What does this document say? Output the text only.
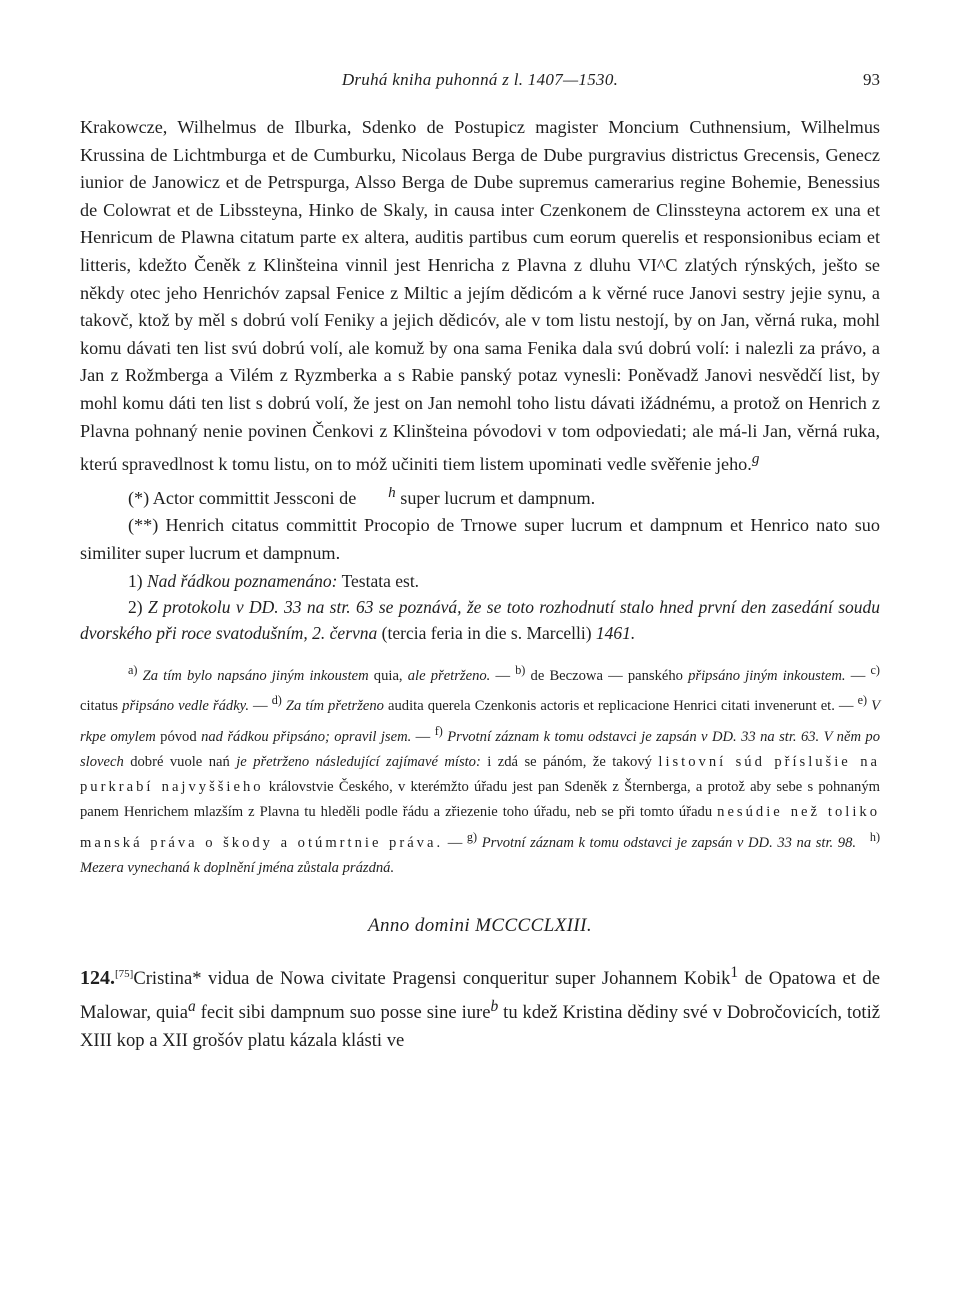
Druhá kniha puhonná z l. 1407—1530.	93

Krakowcze, Wilhelmus de Ilburka, Sdenko de Postupicz magister Moncium Cuthnensium, Wilhelmus Krussina de Lichtmburga et de Cumburku, Nicolaus Berga de Dube purgravius districtus Grecensis, Genecz iunior de Janowicz et de Petrspurga, Alsso Berga de Dube supremus camerarius regine Bohemie, Benessius de Colowrat et de Libssteyna, Hinko de Skaly, in causa inter Czenkonem de Clinssteyna actorem ex una et Henricum de Plawna citatum parte ex altera, auditis partibus cum eorum querelis et responsionibus eciam et litteris, kdežto Čeněk z Klinšteina vinnil jest Henricha z Plavna z dluhu VI^C zlatých rýnských, ješto se někdy otec jeho Henrichóv zapsal Fenice z Miltic a jejím dědicóm a k věrné ruce Janovi sestry jejie synu, a takovč, ktož by měl s dobrú volí Feniky a jejich dědicóv, ale v tom listu nestojí, by on Jan, věrná ruka, mohl komu dávati ten list svú dobrú volí, ale komuž by ona sama Fenika dala svú dobrú volí: i nalezli za právo, a Jan z Rožmberga a Vilém z Ryzmberka a s Rabie panský potaz vynesli: Poněvadž Janovi nesvědčí list, by mohl komu dáti ten list s dobrú volí, že jest on Jan nemohl toho listu dávati ižádnému, a protož on Henrich z Plavna pohnaný nenie povinen Čenkovi z Klinšteina póvodovi v tom odpoviedati; ale má-li Jan, věrná ruka, kterú spravedlnost k tomu listu, on to mόž učiniti tiem listem upominati vedle svěřenie jeho.$^g$

(*) Actor committit Jessconi de $^h$ super lucrum et dampnum.

(**) Henrich citatus committit Procopio de Trnowe super lucrum et dampnum et Henrico nato suo similiter super lucrum et dampnum.

1) Nad řádkou poznamenáno: Testata est.

2) Z protokolu v DD. 33 na str. 63 se poznává, že se toto rozhodnutí stalo hned první den zasedání soudu dvorského při roce svatodušním, 2. června (tercia feria in die s. Marcelli) 1461.

$^{a)}$ Za tím bylo napsáno jiným inkoustem quia, ale přetrženo. — $^{b)}$ de Beczowa — panského připsáno jiným inkoustem. — $^{c)}$ citatus připsáno vedle řádky. — $^{d)}$ Za tím přetrženo audita querela Czenkonis actoris et replicacione Henrici citati invenerunt et. — $^{e)}$ V rkpe omylem póvod nad řádkou připsáno; opravil jsem. — $^{f)}$ Prvotní záznam k tomu odstavci je zapsán v DD. 33 na str. 63. V něm po slovech dobré vuole nań je přetrženo následující zajímavé místo: i zdá se pánóm, že takový listovní súd příslušie na purkrabí najvyššieho královstvie Českého, v kterémžto úřadu jest pan Sdeněk z Šternberga, a protož aby sebe s pohnaným panem Henrichem mlazším z Plavna tu hleděli podle řádu a zřiezenie toho úřadu, neb se při tomto úřadu nesúdie než toliko manská práva o škody a otúmrtnie práva. — $^{g)}$ Prvotní záznam k tomu odstavci je zapsán v DD. 33 na str. 98. $^{h)}$ Mezera vynechaná k doplnění jména zůstala prázdná.

Anno domini MCCCCLXIII.
124.[75]Cristina* vidua de Nowa civitate Pragensi conqueritur super Johannem Kobik$^1$ de Opatowa et de Malowar, quia$^a$ fecit sibi dampnum suo posse sine iure$^b$ tu kdež Kristina dědiny své v Dobročovicích, totiž XIII kop a XII grošóv platu kázala klásti ve
